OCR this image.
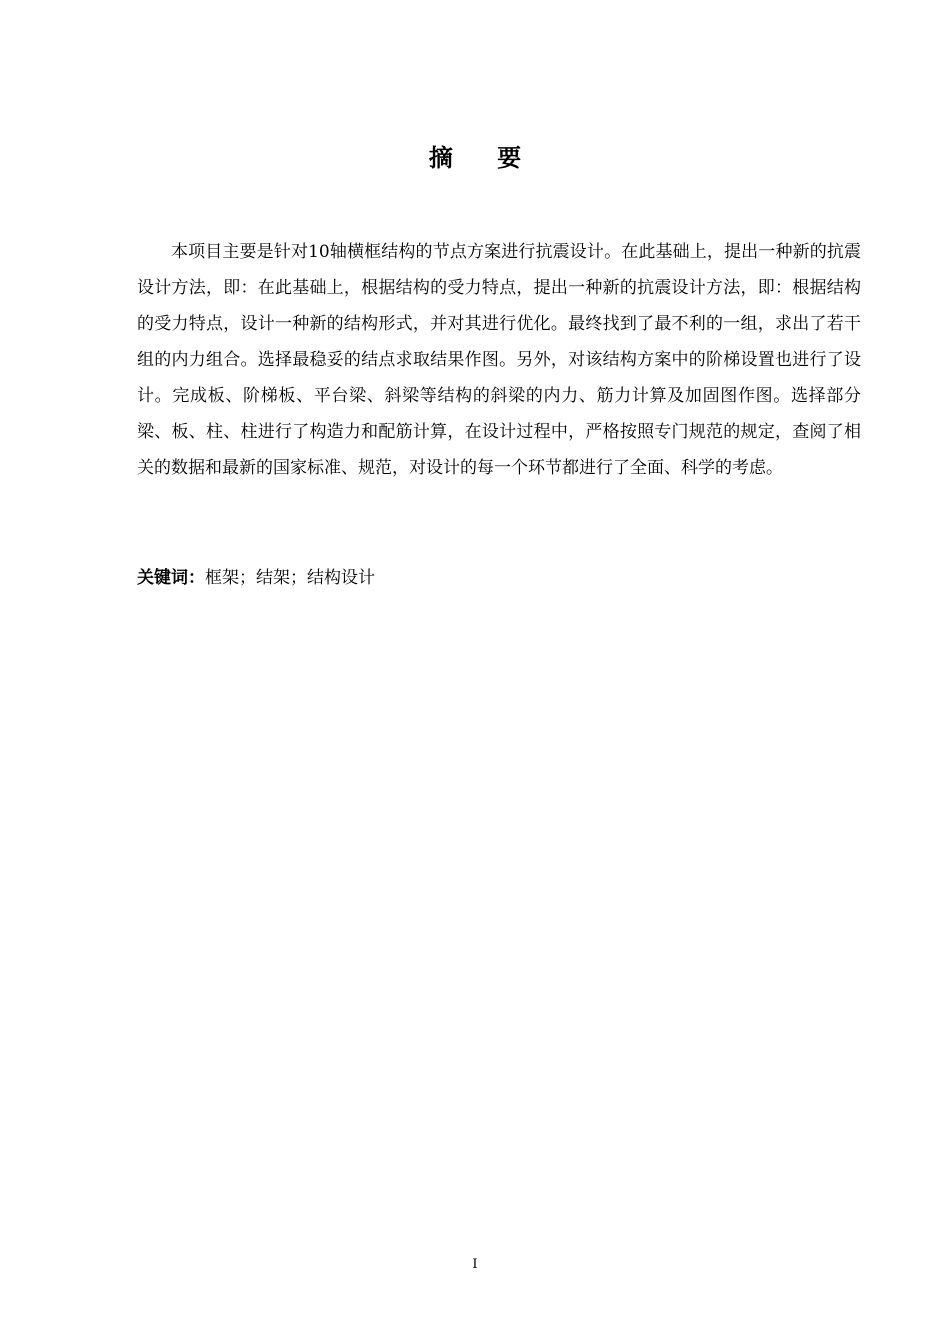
摘 要

本项目主要是针对10轴横框结构的节点方案进行抗震设计。在此基础上，提出一种新的抗震设计方法，即：在此基础上，根据结构的受力特点，提出一种新的抗震设计方法，即：根据结构的受力特点，设计一种新的结构形式，并对其进行优化。最终找到了最不利的一组，求出了若干组的内力组合。选择最稳妥的结点求取结果作图。另外，对该结构方案中的阶梯设置也进行了设计。完成板、阶梯板、平台梁、斜梁等结构的斜梁的内力、筋力计算及加固图作图。选择部分梁、板、柱、柱进行了构造力和配筋计算，在设计过程中，严格按照专门规范的规定，查阅了相关的数据和最新的国家标准、规范，对设计的每一个环节都进行了全面、科学的考虑。

关键词：框架；结架；结构设计
I
